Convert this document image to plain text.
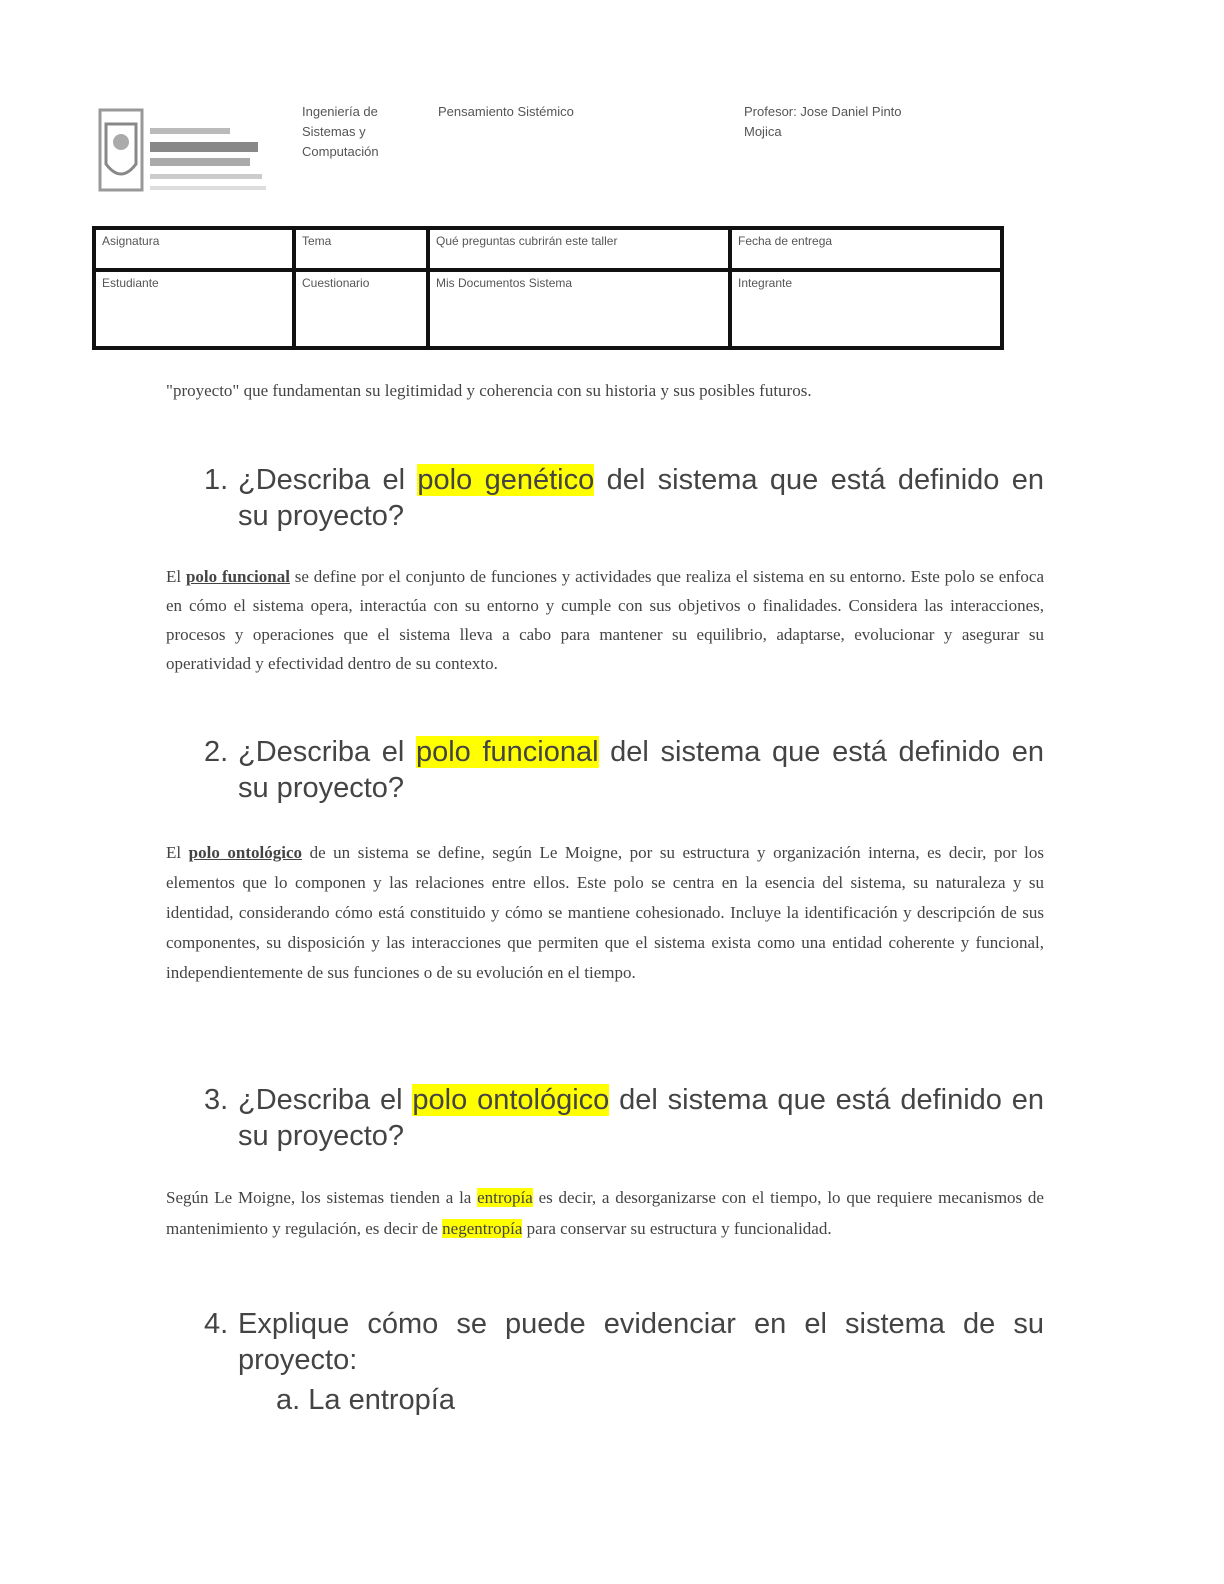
Ingeniería de
Sistemas y
Computación
Pensamiento Sistémico	Profesor: Jose Daniel Pinto
Mojica
Asignatura	Tema	Qué preguntas cubrirán este taller	Fecha de entrega
Estudiante	Cuestionario	Mis Documentos Sistema	Integrante
"proyecto" que fundamentan su legitimidad y coherencia con su historia y sus posibles futuros.
1. ¿Describa el polo genético del sistema que está definido en su proyecto?
El polo funcional se define por el conjunto de funciones y actividades que realiza el sistema en su entorno. Este polo se enfoca en cómo el sistema opera, interactúa con su entorno y cumple con sus objetivos o finalidades. Considera las interacciones, procesos y operaciones que el sistema lleva a cabo para mantener su equilibrio, adaptarse, evolucionar y asegurar su operatividad y efectividad dentro de su contexto.
2. ¿Describa el polo funcional del sistema que está definido en su proyecto?
El polo ontológico de un sistema se define, según Le Moigne, por su estructura y organización interna, es decir, por los elementos que lo componen y las relaciones entre ellos. Este polo se centra en la esencia del sistema, su naturaleza y su identidad, considerando cómo está constituido y cómo se mantiene cohesionado. Incluye la identificación y descripción de sus componentes, su disposición y las interacciones que permiten que el sistema exista como una entidad coherente y funcional, independientemente de sus funciones o de su evolución en el tiempo.
3. ¿Describa el polo ontológico del sistema que está definido en su proyecto?
Según Le Moigne, los sistemas tienden a la entropía es decir, a desorganizarse con el tiempo, lo que requiere mecanismos de mantenimiento y regulación, es decir de negentropía para conservar su estructura y funcionalidad.
4. Explique cómo se puede evidenciar en el sistema de su proyecto:
a. La entropía
